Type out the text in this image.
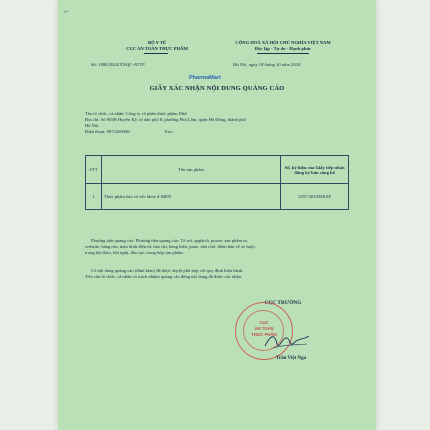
⌐
BỘ Y TẾ
CỤC AN TOÀN THỰC PHẨM
CỘNG HOÀ XÃ HỘI CHỦ NGHĨA VIỆT NAM
Độc lập - Tự do - Hạnh phúc
Số: 1888/2024/XNQC-ATTP	Hà Nội, ngày 18 tháng 10 năm 2024
PharmaMart
GIẤY XÁC NHẬN NỘI DUNG QUẢNG CÁO
Tên tổ chức, cá nhân: Công ty cổ phần dược phẩm Mid
Địa chỉ: Số 803B Huyền Kỳ, tổ dân phố 8, phường Phú Lãm, quận Hà Đông, thành phố
Hà Nội.
Điện thoại: 0972200946	Fax:
STT	Tên sản phẩm	Số, ký hiệu của Giấy tiếp nhận đăng ký bản công bố
1	Thực phẩm bảo vệ sức khỏe S-MEN	3357/2019/ĐKSP
Phương tiện quảng cáo: Phương tiện quảng cáo: Tờ rơi, apphich, poster, sản phẩm in,
website, băng rôn, màn hình điện tử, báo chí, bảng biển, pano, nhà chờ, điểm bán về xe buýt,
trong hội thảo, hội nghị, đào tạo, trong hộp sản phẩm.
Có nội dung quảng cáo (đính kèm) đã được duyệt phù hợp với quy định hiện hành.
Yêu cầu tổ chức, cá nhân có trách nhiệm quảng cáo đúng nội dung đã được xác nhận.
CỤC TRƯỞNG
CỤC
AN TOÀN
THỰC PHẨM
Trần Việt Nga
